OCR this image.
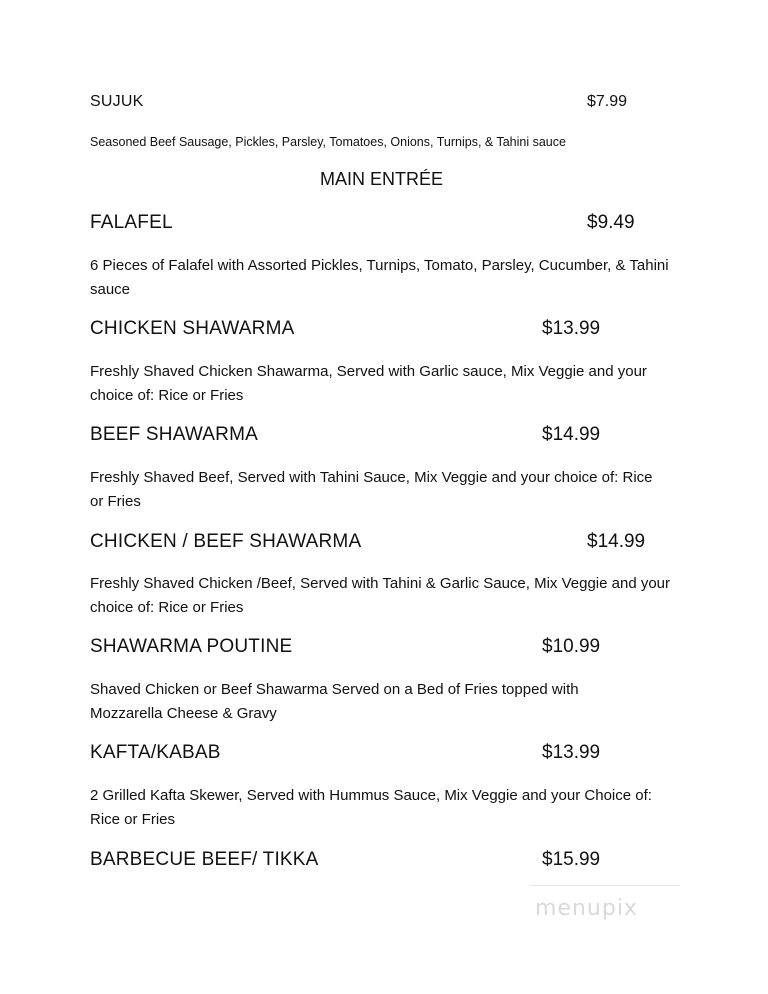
SUJUK	$7.99
Seasoned Beef Sausage, Pickles, Parsley, Tomatoes, Onions, Turnips, & Tahini sauce
MAIN ENTRÉE
FALAFEL	$9.49
6 Pieces of Falafel with Assorted Pickles, Turnips, Tomato, Parsley, Cucumber, & Tahini sauce
CHICKEN SHAWARMA	$13.99
Freshly Shaved Chicken Shawarma, Served with Garlic sauce, Mix Veggie and your choice of: Rice or Fries
BEEF SHAWARMA	$14.99
Freshly Shaved Beef, Served with Tahini Sauce, Mix Veggie and your choice of: Rice or Fries
CHICKEN / BEEF SHAWARMA	$14.99
Freshly Shaved Chicken /Beef, Served with Tahini & Garlic Sauce, Mix Veggie and your choice of: Rice or Fries
SHAWARMA POUTINE	$10.99
Shaved Chicken or Beef Shawarma Served on a Bed of Fries topped with Mozzarella Cheese & Gravy
KAFTA/KABAB	$13.99
2 Grilled Kafta Skewer, Served with Hummus Sauce, Mix Veggie and your Choice of: Rice or Fries
BARBECUE BEEF/ TIKKA	$15.99
menupix
